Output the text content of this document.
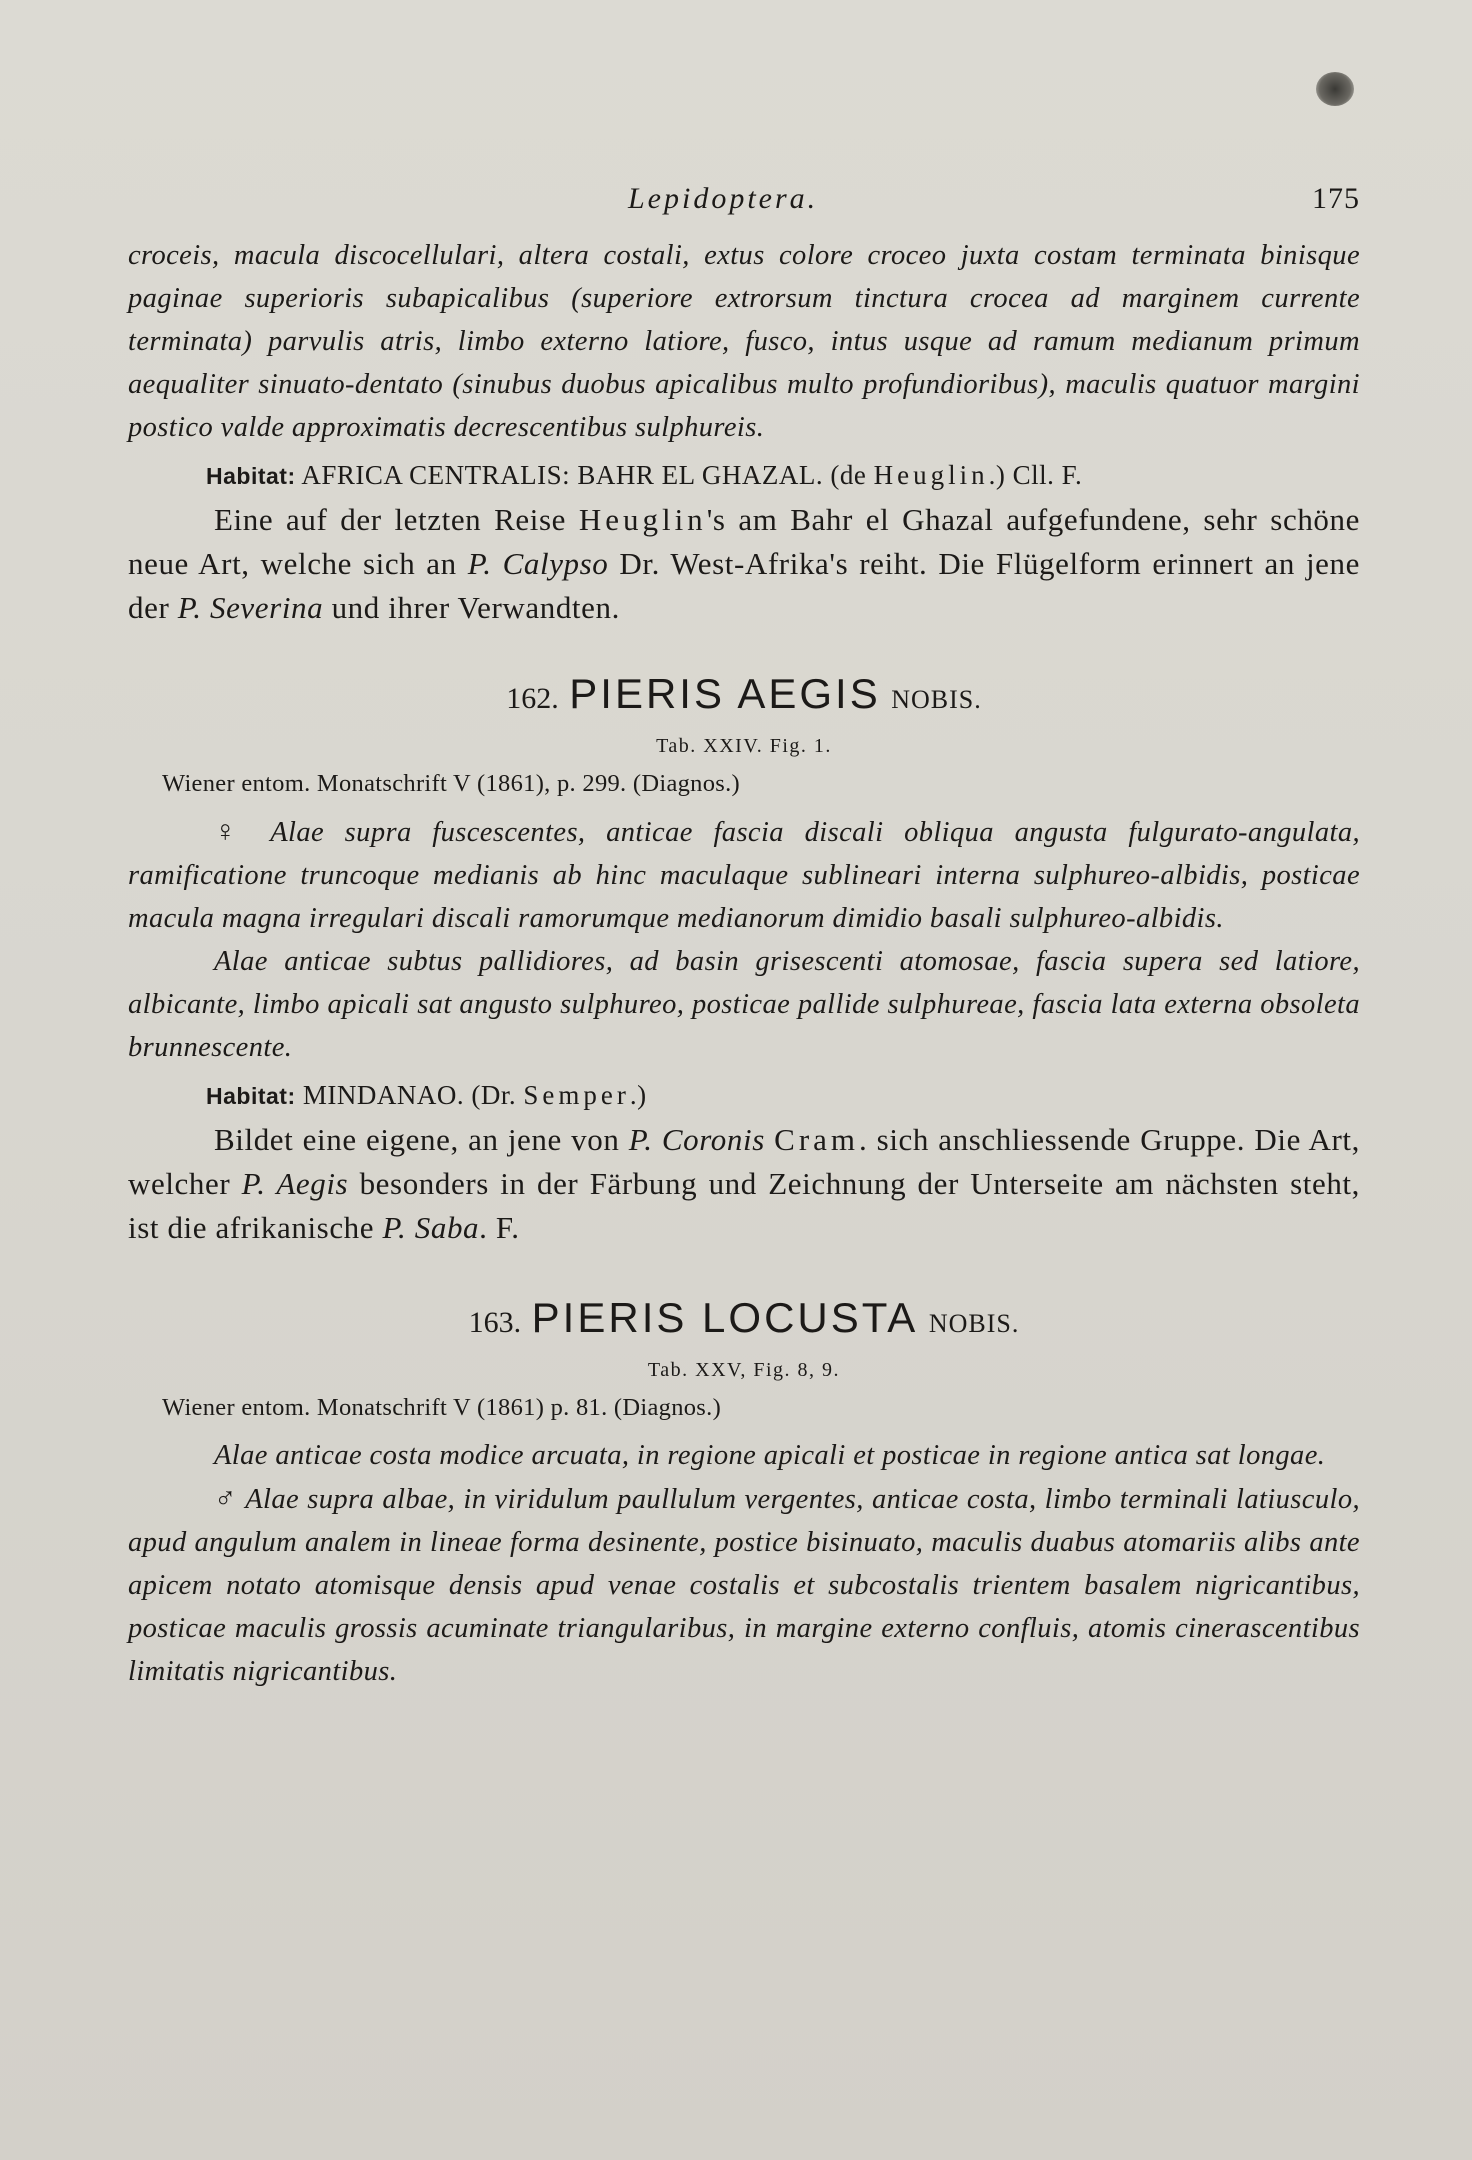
Lepidoptera.	175

croceis, macula discocellulari, altera costali, extus colore croceo juxta costam terminata binisque paginae superioris subapicalibus (superiore extrorsum tinctura crocea ad marginem currente terminata) parvulis atris, limbo externo latiore, fusco, intus usque ad ramum medianum primum aequaliter sinuato-dentato (sinubus duobus apicalibus multo profundioribus), maculis quatuor margini postico valde approximatis decrescentibus sulphureis.

Habitat: AFRICA CENTRALIS: BAHR EL GHAZAL. (de Heuglin.) Cll. F.

Eine auf der letzten Reise Heuglin's am Bahr el Ghazal aufgefundene, sehr schöne neue Art, welche sich an P. Calypso Dr. West-Afrika's reiht. Die Flügelform erinnert an jene der P. Severina und ihrer Verwandten.

162. PIERIS AEGIS NOBIS.
Tab. XXIV. Fig. 1.

Wiener entom. Monatschrift V (1861), p. 299. (Diagnos.)

♀ Alae supra fuscescentes, anticae fascia discali obliqua angusta fulgurato-angulata, ramificatione truncoque medianis ab hinc maculaque sublineari interna sulphureo-albidis, posticae macula magna irregulari discali ramorumque medianorum dimidio basali sulphureo-albidis.

Alae anticae subtus pallidiores, ad basin grisescenti atomosae, fascia supera sed latiore, albicante, limbo apicali sat angusto sulphureo, posticae pallide sulphureae, fascia lata externa obsoleta brunnescente.

Habitat: MINDANAO. (Dr. Semper.)

Bildet eine eigene, an jene von P. Coronis Cram. sich anschliessende Gruppe. Die Art, welcher P. Aegis besonders in der Färbung und Zeichnung der Unterseite am nächsten steht, ist die afrikanische P. Saba. F.

163. PIERIS LOCUSTA NOBIS.
Tab. XXV, Fig. 8, 9.

Wiener entom. Monatschrift V (1861) p. 81. (Diagnos.)

Alae anticae costa modice arcuata, in regione apicali et posticae in regione antica sat longae.

♂ Alae supra albae, in viridulum paullulum vergentes, anticae costa, limbo terminali latiusculo, apud angulum analem in lineae forma desinente, postice bisinuato, maculis duabus atomariis alibs ante apicem notato atomisque densis apud venae costalis et subcostalis trientem basalem nigricantibus, posticae maculis grossis acuminate triangularibus, in margine externo confluis, atomis cinerascentibus limitatis nigricantibus.
